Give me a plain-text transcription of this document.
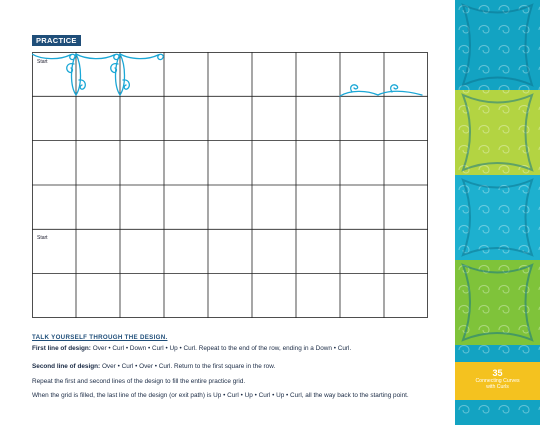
PRACTICE
Start
Start
TALK YOURSELF THROUGH THE DESIGN.
First line of design: Over • Curl • Down • Curl • Up • Curl. Repeat to the end of the row, ending in a Down • Curl.
Second line of design: Over • Curl • Over • Curl. Return to the first square in the row.
Repeat the first and second lines of the design to fill the entire practice grid.
When the grid is filled, the last line of the design (or exit path) is Up • Curl • Up • Curl • Up • Curl, all the way back to the starting point.
35
Connecting Curves
with Curls
